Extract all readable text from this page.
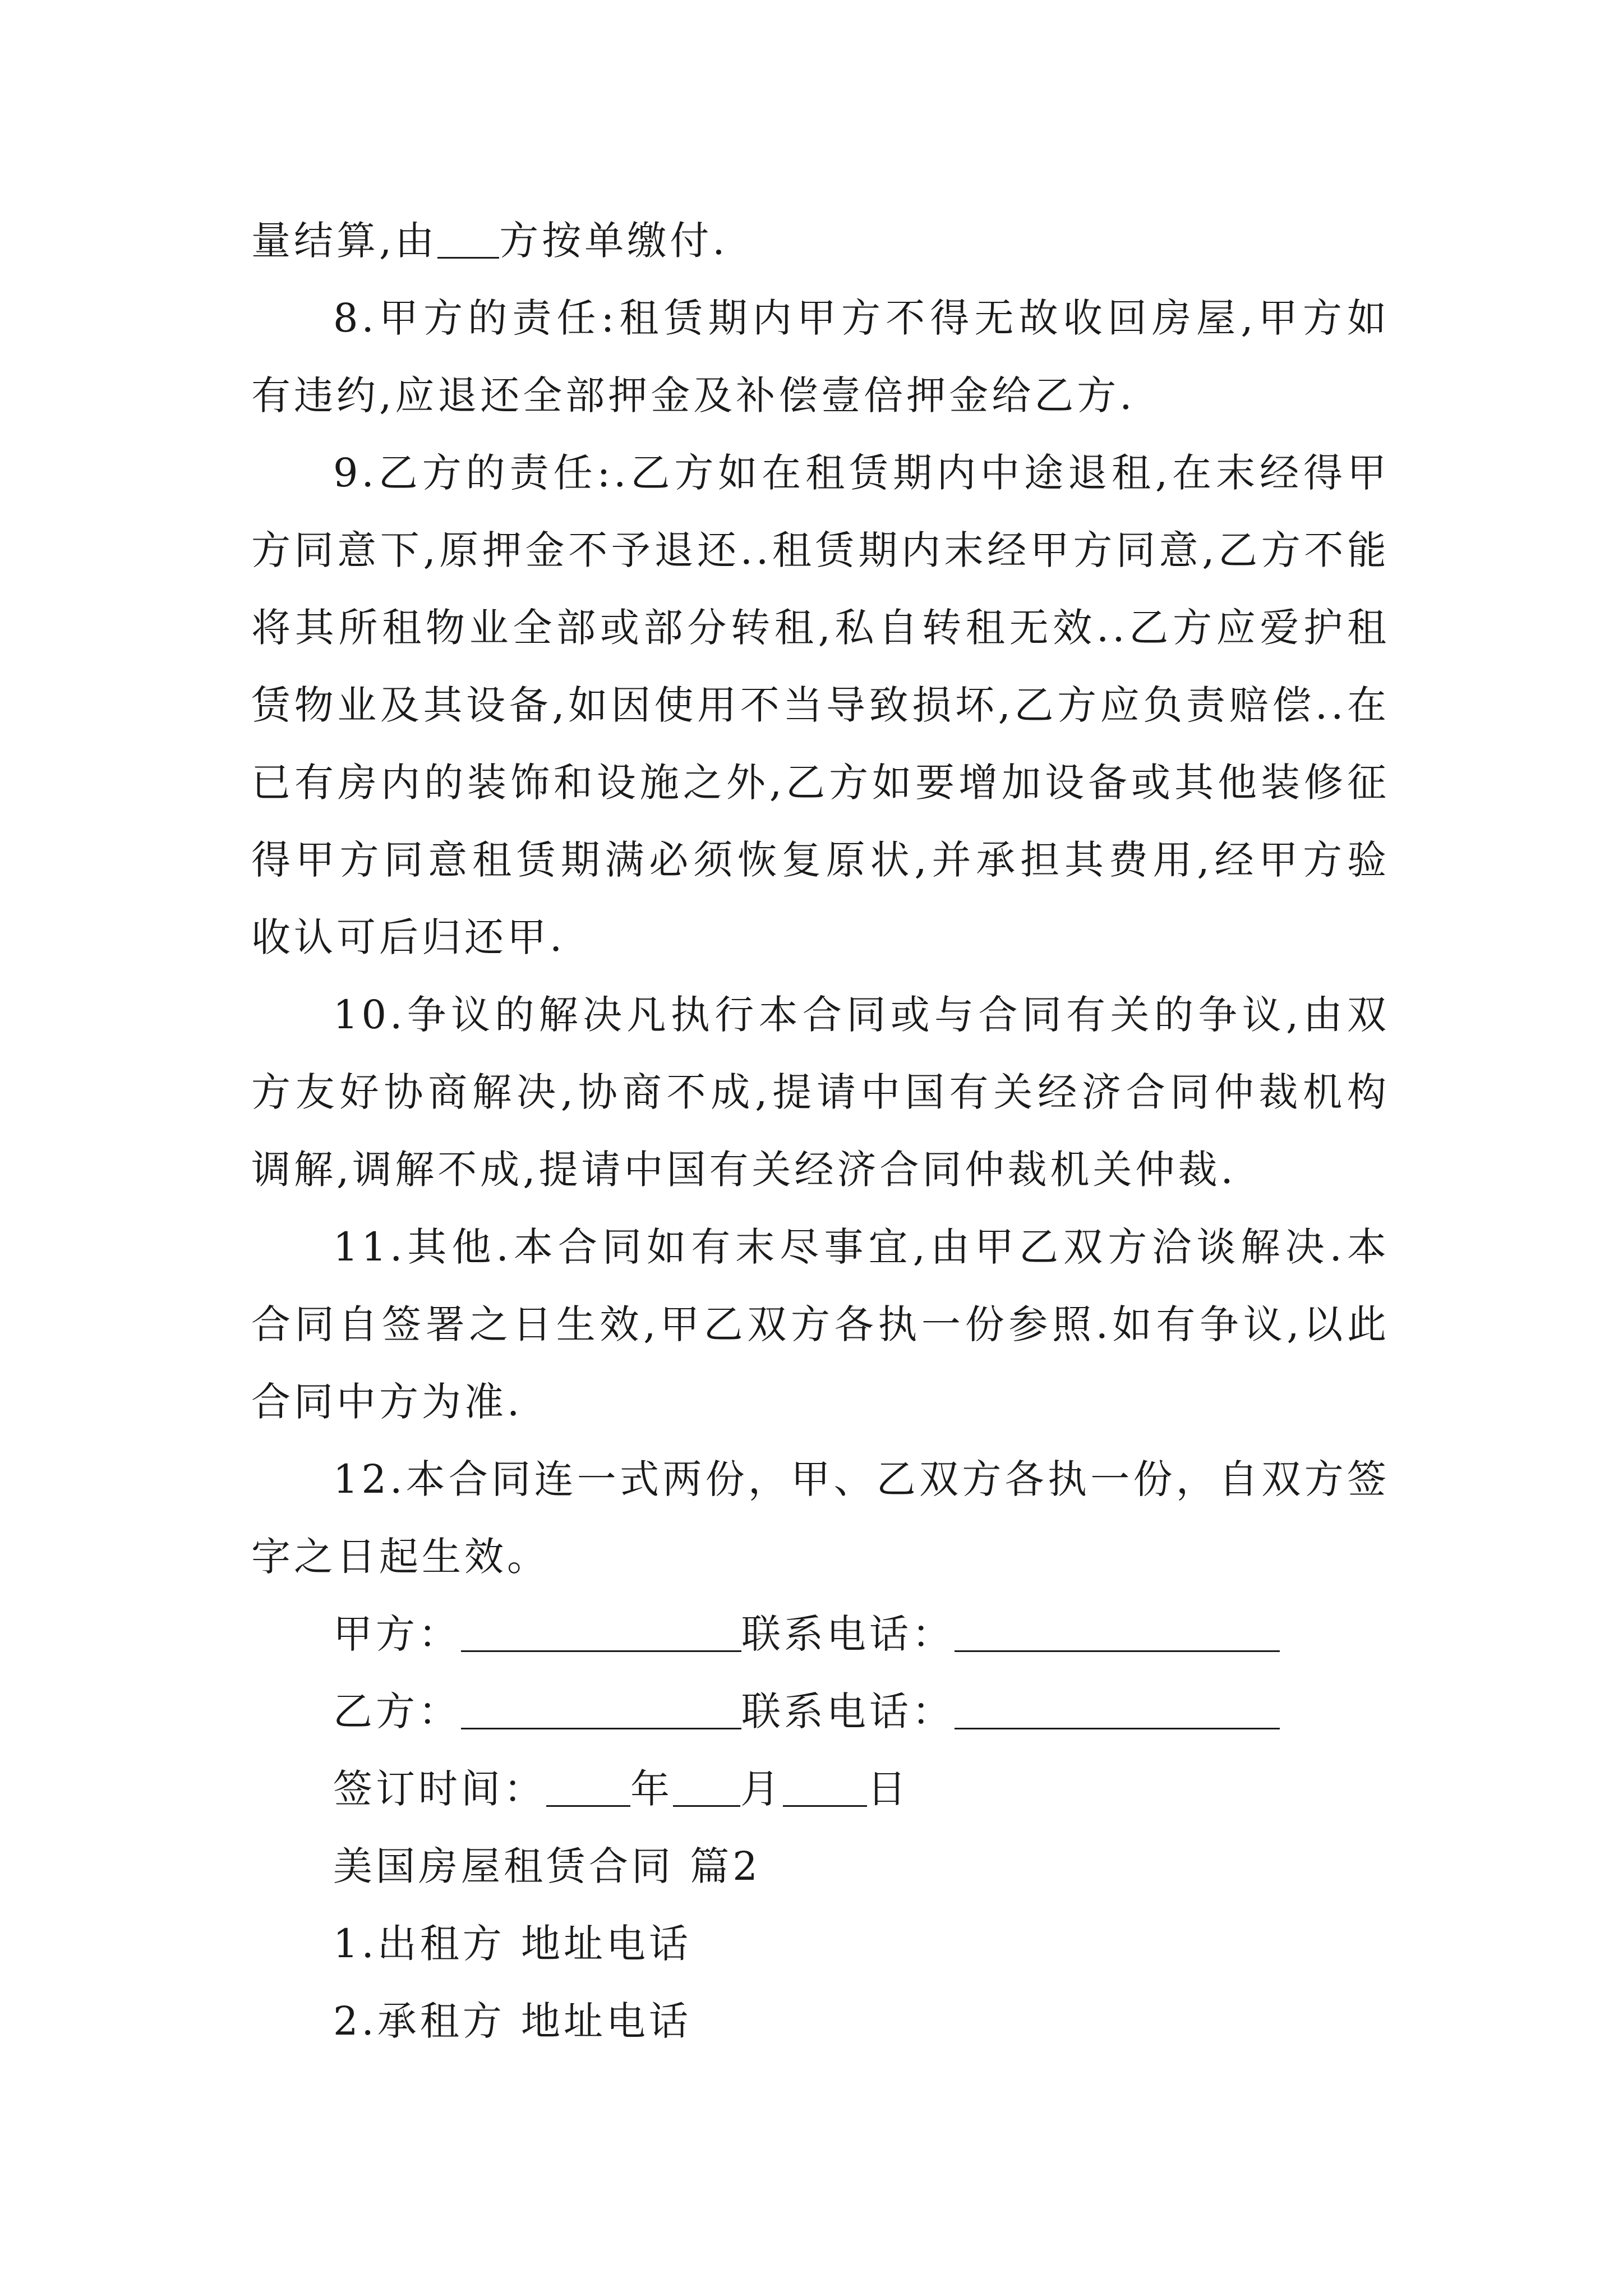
量结算,由 方按单缴付.

8.甲方的责任:租赁期内甲方不得无故收回房屋,甲方如有违约,应退还全部押金及补偿壹倍押金给乙方.

9.乙方的责任:.乙方如在租赁期内中途退租,在末经得甲方同意下,原押金不予退还..租赁期内末经甲方同意,乙方不能将其所租物业全部或部分转租,私自转租无效..乙方应爱护租赁物业及其设备,如因使用不当导致损坏,乙方应负责赔偿..在已有房内的装饰和设施之外,乙方如要增加设备或其他装修征得甲方同意租赁期满必须恢复原状,并承担其费用,经甲方验收认可后归还甲.

10.争议的解决凡执行本合同或与合同有关的争议,由双方友好协商解决,协商不成,提请中国有关经济合同仲裁机构调解,调解不成,提请中国有关经济合同仲裁机关仲裁.

11.其他.本合同如有末尽事宜,由甲乙双方洽谈解决.本合同自签署之日生效,甲乙双方各执一份参照.如有争议,以此合同中方为准.

12.本合同连一式两份，甲、乙双方各执一份，自双方签字之日起生效。

甲方：	联系电话：
乙方：	联系电话：
签订时间： 年 月 日
美国房屋租赁合同 篇2
1.出租方 地址电话
2.承租方 地址电话
